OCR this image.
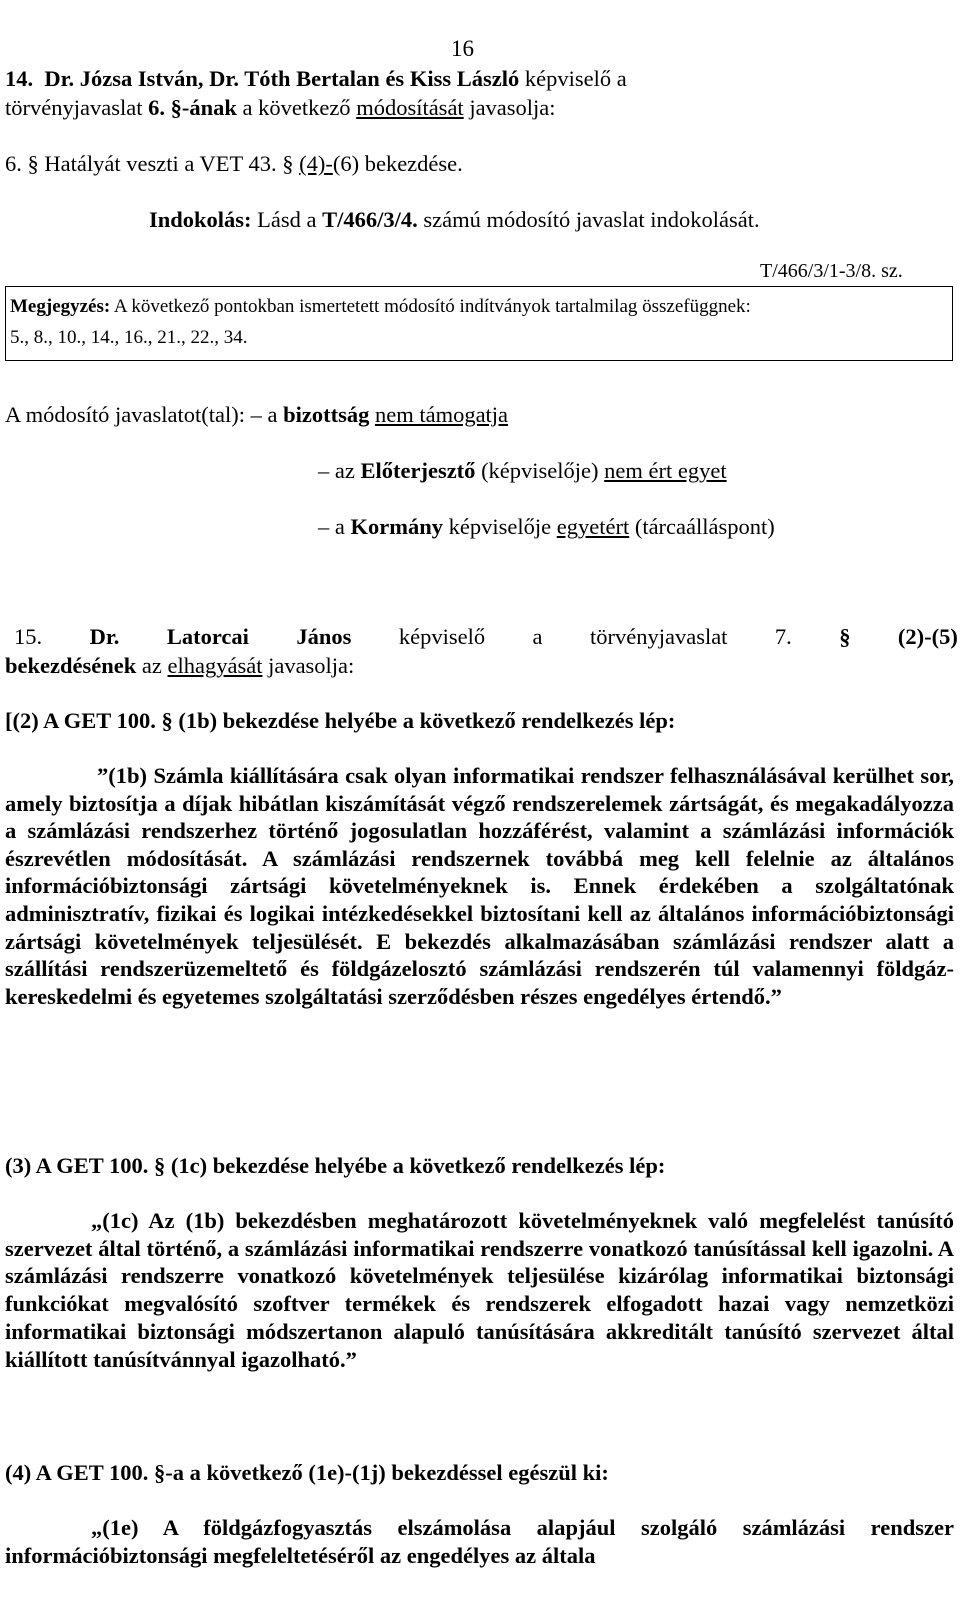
16
14. Dr. Józsa István, Dr. Tóth Bertalan és Kiss László képviselő a
törvényjavaslat 6. §-ának a következő módosítását javasolja:
6. § Hatályát veszti a VET 43. § (4)-(6) bekezdése.
Indokolás: Lásd a T/466/3/4. számú módosító javaslat indokolását.
T/466/3/1-3/8. sz.
Megjegyzés: A következő pontokban ismertetett módosító indítványok tartalmilag összefüggnek:
5., 8., 10., 14., 16., 21., 22., 34.
A módosító javaslatot(tal): – a bizottság nem támogatja
– az Előterjesztő (képviselője) nem ért egyet
– a Kormány képviselője egyetért (tárcaálláspont)
15. Dr. Latorcai János képviselő a törvényjavaslat 7. § (2)-(5)
bekezdésének az elhagyását javasolja:
[(2) A GET 100. § (1b) bekezdése helyébe a következő rendelkezés lép:
”(1b) Számla kiállítására csak olyan informatikai rendszer felhasználásával kerülhet sor, amely biztosítja a díjak hibátlan kiszámítását végző rendszerelemek zártságát, és megakadályozza a számlázási rendszerhez történő jogosulatlan hozzáférést, valamint a számlázási információk észrevétlen módosítását. A számlázási rendszernek továbbá meg kell felelnie az általános információbiztonsági zártsági követelményeknek is. Ennek érdekében a szolgáltatónak adminisztratív, fizikai és logikai intézkedésekkel biztosítani kell az általános információbiztonsági zártsági követelmények teljesülését. E bekezdés alkalmazásában számlázási rendszer alatt a szállítási rendszerüzemeltető és földgázelosztó számlázási rendszerén túl valamennyi földgáz-kereskedelmi és egyetemes szolgáltatási szerződésben részes engedélyes értendő.”
(3) A GET 100. § (1c) bekezdése helyébe a következő rendelkezés lép:
„(1c) Az (1b) bekezdésben meghatározott követelményeknek való megfelelést tanúsító szervezet által történő, a számlázási informatikai rendszerre vonatkozó tanúsítással kell igazolni. A számlázási rendszerre vonatkozó követelmények teljesülése kizárólag informatikai biztonsági funkciókat megvalósító szoftver termékek és rendszerek elfogadott hazai vagy nemzetközi informatikai biztonsági módszertanon alapuló tanúsítására akkreditált tanúsító szervezet által kiállított tanúsítvánnyal igazolható.”
(4) A GET 100. §-a a következő (1e)-(1j) bekezdéssel egészül ki:
„(1e) A földgázfogyasztás elszámolása alapjául szolgáló számlázási rendszer információbiztonsági megfeleltetéséről az engedélyes az általa
